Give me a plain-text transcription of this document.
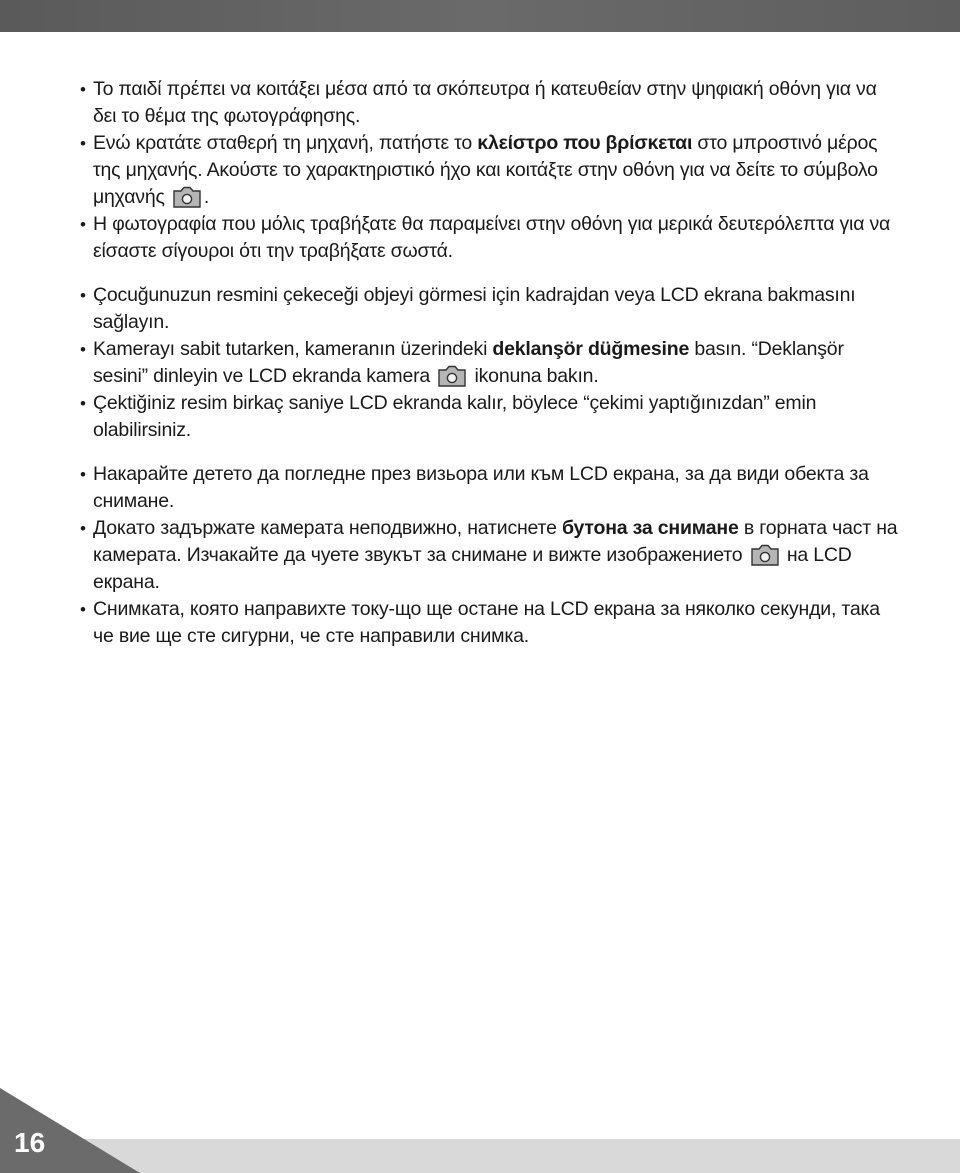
• Το παιδί πρέπει να κοιτάξει μέσα από τα σκόπευτρα ή κατευθείαν στην ψηφιακή οθόνη για να δει το θέμα της φωτογράφησης.
• Ενώ κρατάτε σταθερή τη μηχανή, πατήστε το κλείστρο που βρίσκεται στο μπροστινό μέρος της μηχανής. Ακούστε το χαρακτηριστικό ήχο και κοιτάξτε στην οθόνη για να δείτε το σύμβολο μηχανής .
• Η φωτογραφία που μόλις τραβήξατε θα παραμείνει στην οθόνη για μερικά δευτερόλεπτα για να είσαστε σίγουροι ότι την τραβήξατε σωστά.
• Çocuğunuzun resmini çekeceği objeyi görmesi için kadrajdan veya LCD ekrana bakmasını sağlayın.
• Kamerayı sabit tutarken, kameranın üzerindeki deklanşör düğmesine basın. “Deklanşör sesini” dinleyin ve LCD ekranda kamera ikonuna bakın.
• Çektiğiniz resim birkaç saniye LCD ekranda kalır, böylece “çekimi yaptığınızdan” emin olabilirsiniz.
• Накарайте детето да погледне през визьора или към LCD екрана, за да види обекта за снимане.
• Докато задържате камерата неподвижно, натиснете бутона за снимане в горната част на камерата. Изчакайте да чуете звукът за снимане и вижте изображението на LCD екрана.
• Снимката, която направихте току-що ще остане на LCD екрана за няколко секунди, така че вие ще сте сигурни, че сте направили снимка.
16
